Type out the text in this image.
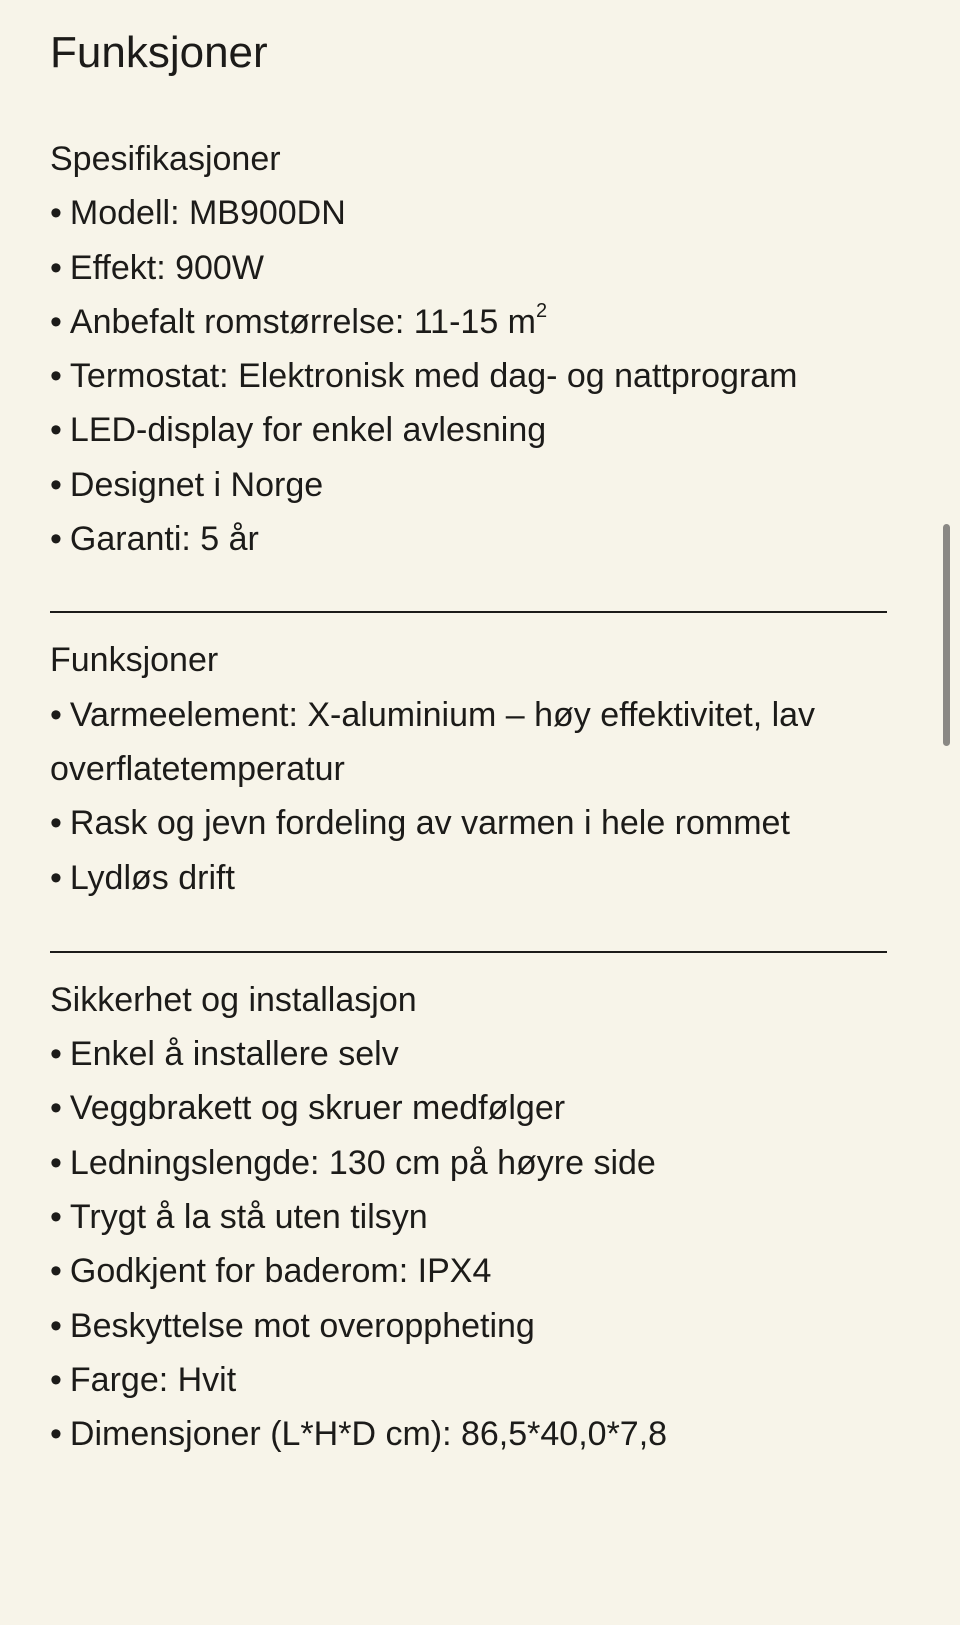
Funksjoner
Spesifikasjoner
• Modell: MB900DN
• Effekt: 900W
• Anbefalt romstørrelse: 11-15 $m^2$
• Termostat: Elektronisk med dag- og nattprogram
• LED-display for enkel avlesning
• Designet i Norge
• Garanti: 5 år
Funksjoner
• Varmeelement: X-aluminium – høy effektivitet, lav overflatetemperatur
• Rask og jevn fordeling av varmen i hele rommet
• Lydløs drift
Sikkerhet og installasjon
• Enkel å installere selv
• Veggbrakett og skruer medfølger
• Ledningslengde: 130 cm på høyre side
• Trygt å la stå uten tilsyn
• Godkjent for baderom: IPX4
• Beskyttelse mot overoppheting
• Farge: Hvit
• Dimensjoner (L*H*D cm): 86,5*40,0*7,8
